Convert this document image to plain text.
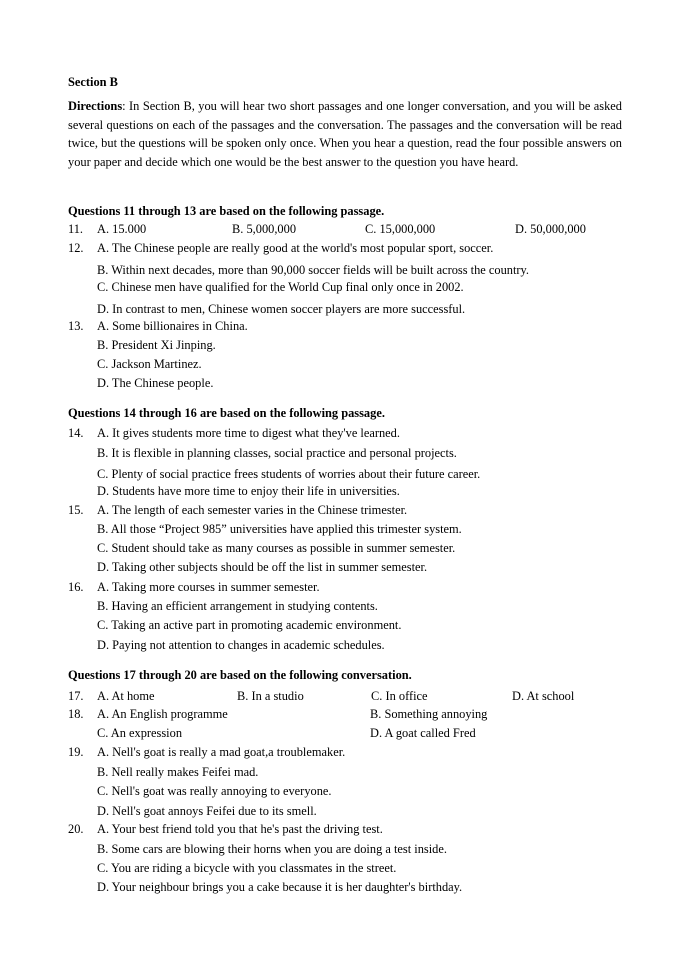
Section B
Directions: In Section B, you will hear two short passages and one longer conversation, and you will be asked several questions on each of the passages and the conversation. The passages and the conversation will be read twice, but the questions will be spoken only once. When you hear a question, read the four possible answers on your paper and decide which one would be the best answer to the question you have heard.
Questions 11 through 13 are based on the following passage.
11. A. 15.000	B. 5,000,000	C. 15,000,000	D. 50,000,000
12. A. The Chinese people are really good at the world's most popular sport, soccer.
B. Within next decades, more than 90,000 soccer fields will be built across the country.
C. Chinese men have qualified for the World Cup final only once in 2002.
D. In contrast to men, Chinese women soccer players are more successful.
13. A. Some billionaires in China.
B. President Xi Jinping.
C. Jackson Martinez.
D. The Chinese people.
Questions 14 through 16 are based on the following passage.
14. A. It gives students more time to digest what they've learned.
B. It is flexible in planning classes, social practice and personal projects.
C. Plenty of social practice frees students of worries about their future career.
D. Students have more time to enjoy their life in universities.
15. A. The length of each semester varies in the Chinese trimester.
B. All those “Project 985” universities have applied this trimester system.
C. Student should take as many courses as possible in summer semester.
D. Taking other subjects should be off the list in summer semester.
16. A. Taking more courses in summer semester.
B. Having an efficient arrangement in studying contents.
C. Taking an active part in promoting academic environment.
D. Paying not attention to changes in academic schedules.
Questions 17 through 20 are based on the following conversation.
17. A. At home	B. In a studio	C. In office	D. At school
18. A. An English programme	B. Something annoying
C. An expression	D. A goat called Fred
19. A. Nell's goat is really a mad goat,a troublemaker.
B. Nell really makes Feifei mad.
C. Nell's goat was really annoying to everyone.
D. Nell's goat annoys Feifei due to its smell.
20. A. Your best friend told you that he's past the driving test.
B. Some cars are blowing their horns when you are doing a test inside.
C. You are riding a bicycle with you classmates in the street.
D. Your neighbour brings you a cake because it is her daughter's birthday.
